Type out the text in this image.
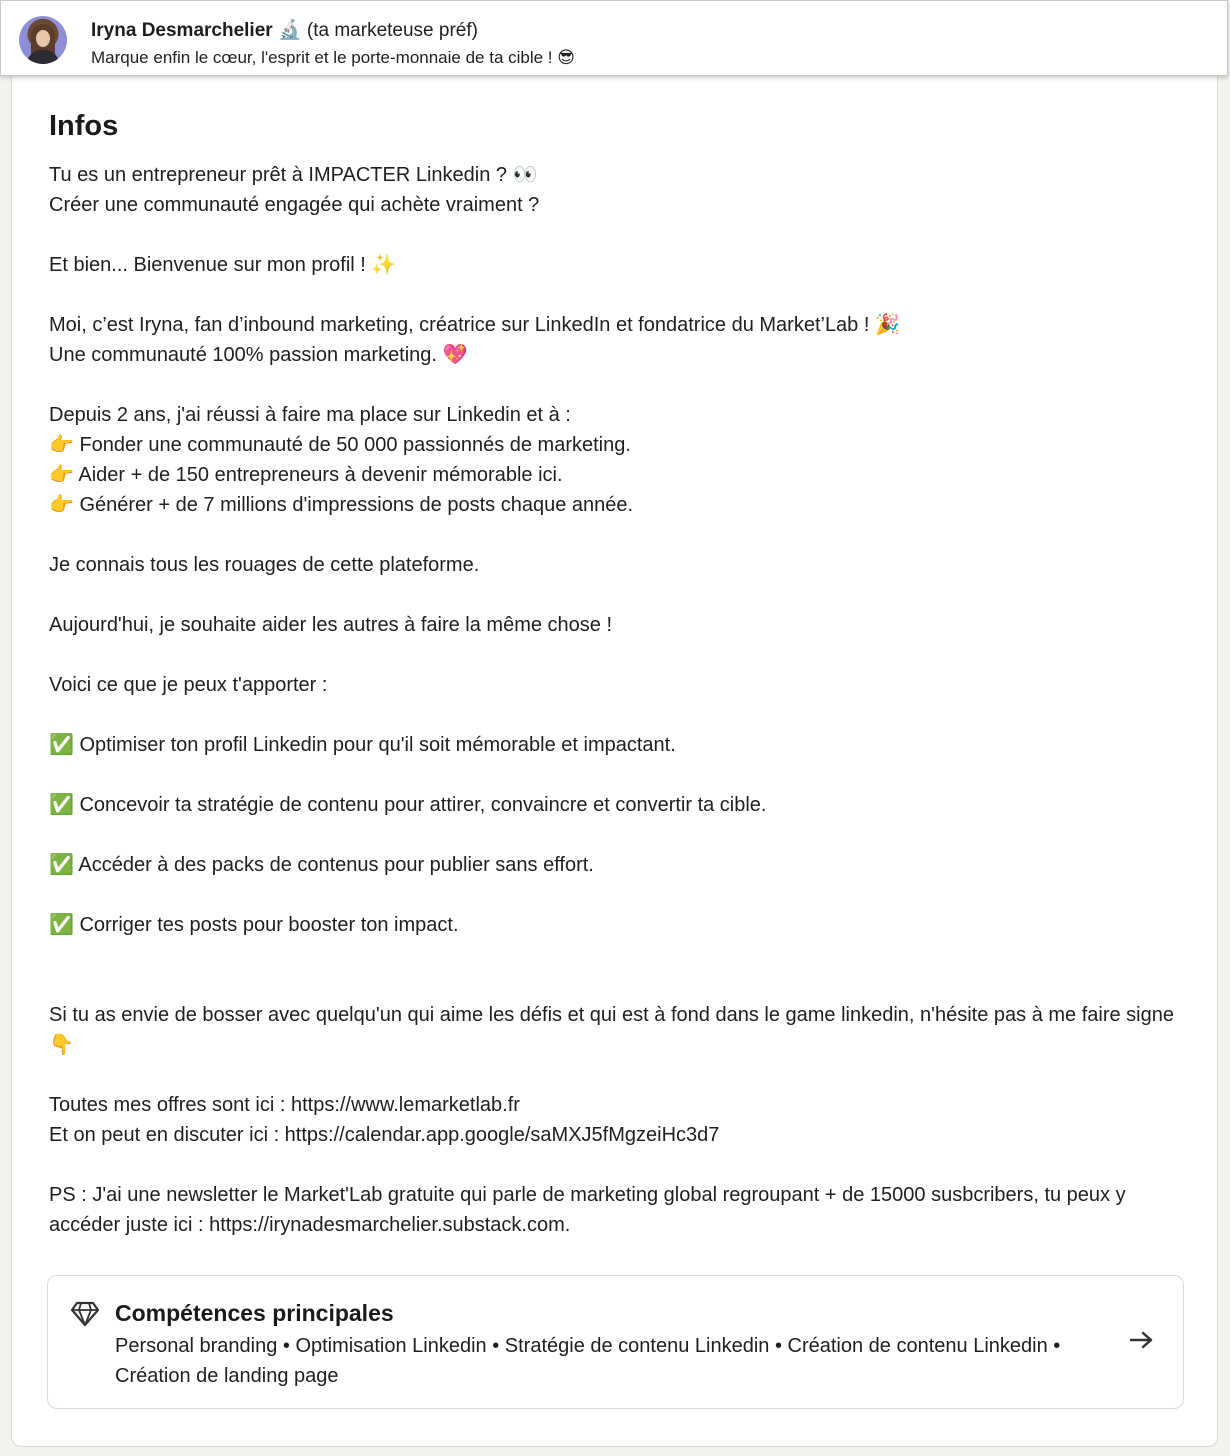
Iryna Desmarchelier 🔬 (ta marketeuse préf)
Marque enfin le cœur, l'esprit et le porte-monnaie de ta cible ! 😎
Infos

Tu es un entrepreneur prêt à IMPACTER Linkedin ? 👀
Créer une communauté engagée qui achète vraiment ?

Et bien... Bienvenue sur mon profil ! ✨

Moi, c’est Iryna, fan d’inbound marketing, créatrice sur LinkedIn et fondatrice du Market’Lab ! 🎉
Une communauté 100% passion marketing. 💖

Depuis 2 ans, j'ai réussi à faire ma place sur Linkedin et à :
👉 Fonder une communauté de 50 000 passionnés de marketing.
👉 Aider + de 150 entrepreneurs à devenir mémorable ici.
👉 Générer + de 7 millions d'impressions de posts chaque année.

Je connais tous les rouages de cette plateforme.

Aujourd'hui, je souhaite aider les autres à faire la même chose !

Voici ce que je peux t'apporter :

✅ Optimiser ton profil Linkedin pour qu'il soit mémorable et impactant.

✅ Concevoir ta stratégie de contenu pour attirer, convaincre et convertir ta cible.

✅ Accéder à des packs de contenus pour publier sans effort.

✅ Corriger tes posts pour booster ton impact.

Si tu as envie de bosser avec quelqu'un qui aime les défis et qui est à fond dans le game linkedin, n'hésite pas à me faire signe 👇

Toutes mes offres sont ici : https://www.lemarketlab.fr
Et on peut en discuter ici : https://calendar.app.google/saMXJ5fMgzeiHc3d7

PS : J'ai une newsletter le Market'Lab gratuite qui parle de marketing global regroupant + de 15000 susbcribers, tu peux y accéder juste ici : https://irynadesmarchelier.substack.com.

Compétences principales
Personal branding • Optimisation Linkedin • Stratégie de contenu Linkedin • Création de contenu Linkedin • Création de landing page
